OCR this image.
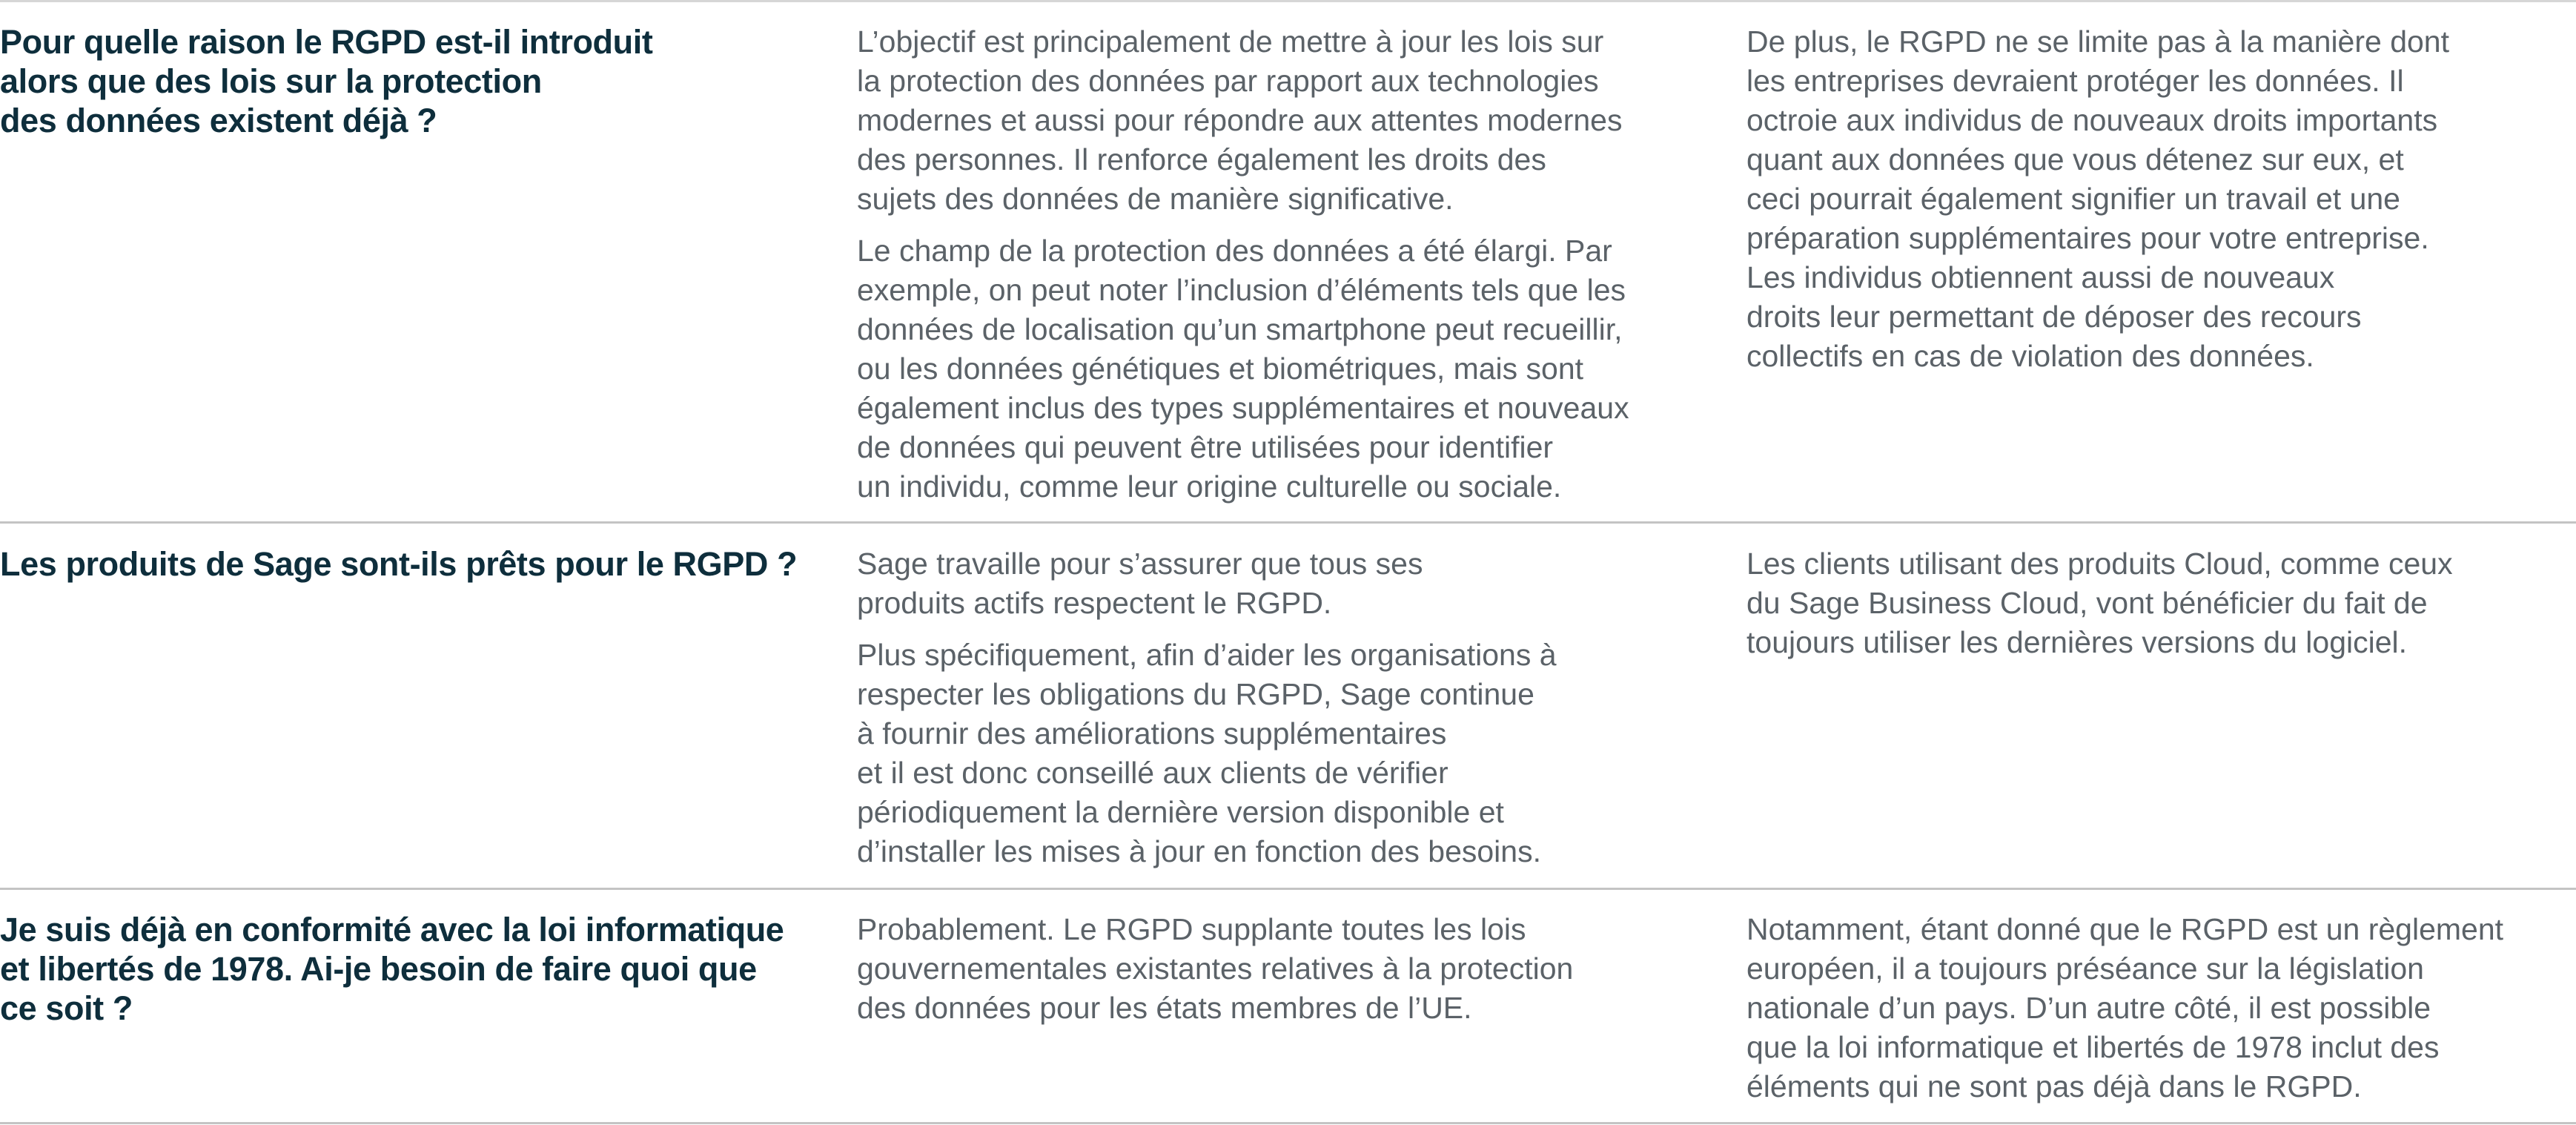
Pour quelle raison le RGPD est-il introduit
alors que des lois sur la protection
des données existent déjà ?

L’objectif est principalement de mettre à jour les lois sur
la protection des données par rapport aux technologies
modernes et aussi pour répondre aux attentes modernes
des personnes. Il renforce également les droits des
sujets des données de manière significative.

Le champ de la protection des données a été élargi. Par
exemple, on peut noter l’inclusion d’éléments tels que les
données de localisation qu’un smartphone peut recueillir,
ou les données génétiques et biométriques, mais sont
également inclus des types supplémentaires et nouveaux
de données qui peuvent être utilisées pour identifier
un individu, comme leur origine culturelle ou sociale.

De plus, le RGPD ne se limite pas à la manière dont
les entreprises devraient protéger les données. Il
octroie aux individus de nouveaux droits importants
quant aux données que vous détenez sur eux, et
ceci pourrait également signifier un travail et une
préparation supplémentaires pour votre entreprise.
Les individus obtiennent aussi de nouveaux
droits leur permettant de déposer des recours
collectifs en cas de violation des données.

Les produits de Sage sont-ils prêts pour le RGPD ?	Sage travaille pour s’assurer que tous ses
produits actifs respectent le RGPD.

Plus spécifiquement, afin d’aider les organisations à
respecter les obligations du RGPD, Sage continue
à fournir des améliorations supplémentaires
et il est donc conseillé aux clients de vérifier
périodiquement la dernière version disponible et
d’installer les mises à jour en fonction des besoins.

Les clients utilisant des produits Cloud, comme ceux
du Sage Business Cloud, vont bénéficier du fait de
toujours utiliser les dernières versions du logiciel.

Je suis déjà en conformité avec la loi informatique
et libertés de 1978. Ai-je besoin de faire quoi que
ce soit ?

Probablement. Le RGPD supplante toutes les lois
gouvernementales existantes relatives à la protection
des données pour les états membres de l’UE.

Notamment, étant donné que le RGPD est un règlement
européen, il a toujours préséance sur la législation
nationale d’un pays. D’un autre côté, il est possible
que la loi informatique et libertés de 1978 inclut des
éléments qui ne sont pas déjà dans le RGPD.
